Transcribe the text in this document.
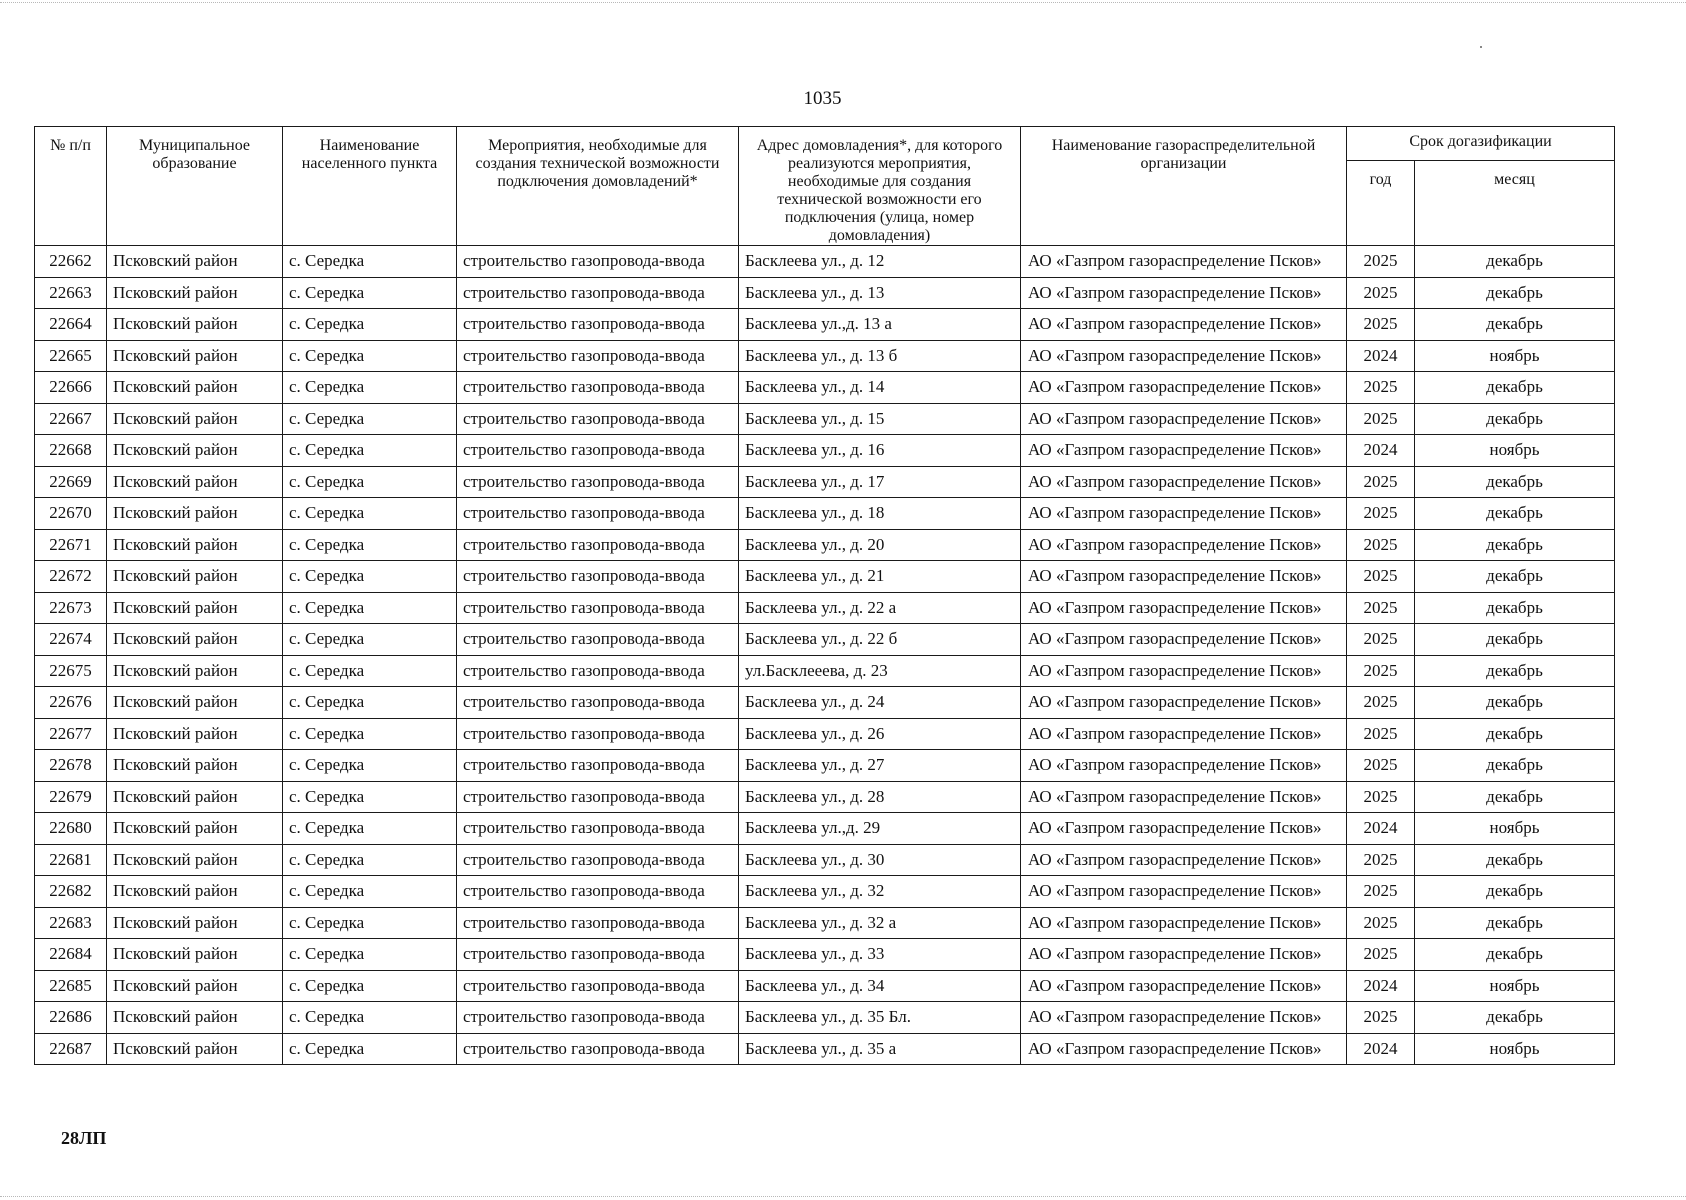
1035
№ п/п	Муниципальное образование	Наименование населенного пункта	Мероприятия, необходимые для создания технической возможности подключения домовладений*	Адрес домовладения*, для которого реализуются мероприятия, необходимые для создания технической возможности его подключения (улица, номер домовладения)	Наименование газораспределительной организации	Срок догазификации	
						год	месяц
22662	Псковский район	с. Середка	строительство газопровода-ввода	Басклеева ул., д. 12	АО «Газпром газораспределение Псков»	2025	декабрь
22663	Псковский район	с. Середка	строительство газопровода-ввода	Басклеева ул., д. 13	АО «Газпром газораспределение Псков»	2025	декабрь
22664	Псковский район	с. Середка	строительство газопровода-ввода	Басклеева ул.,д. 13 а	АО «Газпром газораспределение Псков»	2025	декабрь
22665	Псковский район	с. Середка	строительство газопровода-ввода	Басклеева ул., д. 13 б	АО «Газпром газораспределение Псков»	2024	ноябрь
22666	Псковский район	с. Середка	строительство газопровода-ввода	Басклеева ул., д. 14	АО «Газпром газораспределение Псков»	2025	декабрь
22667	Псковский район	с. Середка	строительство газопровода-ввода	Басклеева ул., д. 15	АО «Газпром газораспределение Псков»	2025	декабрь
22668	Псковский район	с. Середка	строительство газопровода-ввода	Басклеева ул., д. 16	АО «Газпром газораспределение Псков»	2024	ноябрь
22669	Псковский район	с. Середка	строительство газопровода-ввода	Басклеева ул., д. 17	АО «Газпром газораспределение Псков»	2025	декабрь
22670	Псковский район	с. Середка	строительство газопровода-ввода	Басклеева ул., д. 18	АО «Газпром газораспределение Псков»	2025	декабрь
22671	Псковский район	с. Середка	строительство газопровода-ввода	Басклеева ул., д. 20	АО «Газпром газораспределение Псков»	2025	декабрь
22672	Псковский район	с. Середка	строительство газопровода-ввода	Басклеева ул., д. 21	АО «Газпром газораспределение Псков»	2025	декабрь
22673	Псковский район	с. Середка	строительство газопровода-ввода	Басклеева ул., д. 22 а	АО «Газпром газораспределение Псков»	2025	декабрь
22674	Псковский район	с. Середка	строительство газопровода-ввода	Басклеева ул., д. 22 б	АО «Газпром газораспределение Псков»	2025	декабрь
22675	Псковский район	с. Середка	строительство газопровода-ввода	ул.Басклееева, д. 23	АО «Газпром газораспределение Псков»	2025	декабрь
22676	Псковский район	с. Середка	строительство газопровода-ввода	Басклеева ул., д. 24	АО «Газпром газораспределение Псков»	2025	декабрь
22677	Псковский район	с. Середка	строительство газопровода-ввода	Басклеева ул., д. 26	АО «Газпром газораспределение Псков»	2025	декабрь
22678	Псковский район	с. Середка	строительство газопровода-ввода	Басклеева ул., д. 27	АО «Газпром газораспределение Псков»	2025	декабрь
22679	Псковский район	с. Середка	строительство газопровода-ввода	Басклеева ул., д. 28	АО «Газпром газораспределение Псков»	2025	декабрь
22680	Псковский район	с. Середка	строительство газопровода-ввода	Басклеева ул.,д. 29	АО «Газпром газораспределение Псков»	2024	ноябрь
22681	Псковский район	с. Середка	строительство газопровода-ввода	Басклеева ул., д. 30	АО «Газпром газораспределение Псков»	2025	декабрь
22682	Псковский район	с. Середка	строительство газопровода-ввода	Басклеева ул., д. 32	АО «Газпром газораспределение Псков»	2025	декабрь
22683	Псковский район	с. Середка	строительство газопровода-ввода	Басклеева ул., д. 32 а	АО «Газпром газораспределение Псков»	2025	декабрь
22684	Псковский район	с. Середка	строительство газопровода-ввода	Басклеева ул., д. 33	АО «Газпром газораспределение Псков»	2025	декабрь
22685	Псковский район	с. Середка	строительство газопровода-ввода	Басклеева ул., д. 34	АО «Газпром газораспределение Псков»	2024	ноябрь
22686	Псковский район	с. Середка	строительство газопровода-ввода	Басклеева ул., д. 35 Бл.	АО «Газпром газораспределение Псков»	2025	декабрь
22687	Псковский район	с. Середка	строительство газопровода-ввода	Басклеева ул., д. 35 а	АО «Газпром газораспределение Псков»	2024	ноябрь
28ЛП
